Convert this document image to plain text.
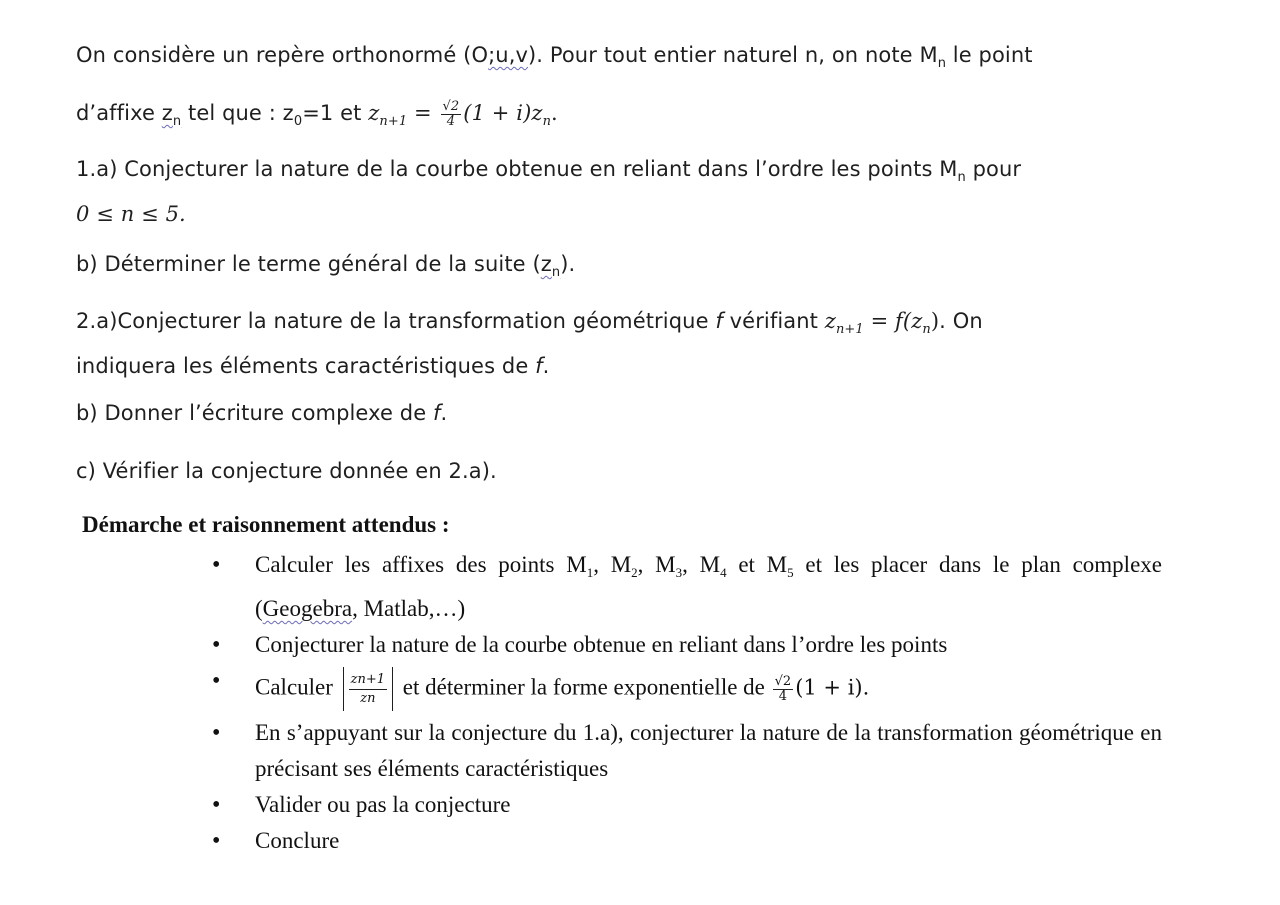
On considère un repère orthonormé (O;u,v). Pour tout entier naturel n, on note $M_n$ le point
d’affixe $z_n$ tel que : $z_0=1$ et $z_{n+1} = \frac{√2}{4} (1 + i)z_n$.
1.a) Conjecturer la nature de la courbe obtenue en reliant dans l’ordre les points $M_n$ pour
0 ≤ n ≤ 5.
b) Déterminer le terme général de la suite $(z_n)$.
2.a)Conjecturer la nature de la transformation géométrique f vérifiant $z_{n+1} = f(z_n)$. On
indiquera les éléments caractéristiques de f.
b) Donner l’écriture complexe de f.
c) Vérifier la conjecture donnée en 2.a).
Démarche et raisonnement attendus :
• Calculer les affixes des points $M_1$, $M_2$, $M_3$, $M_4$ et $M_5$ et les placer dans le plan complexe (Geogebra, Matlab,…)
• Conjecturer la nature de la courbe obtenue en reliant dans l’ordre les points
• Calculer $\frac{zn+1}{zn}$ et déterminer la forme exponentielle de $\frac{√2}{4} (1 + i)$.
• En s’appuyant sur la conjecture du 1.a), conjecturer la nature de la transformation géométrique en précisant ses éléments caractéristiques
• Valider ou pas la conjecture
• Conclure
